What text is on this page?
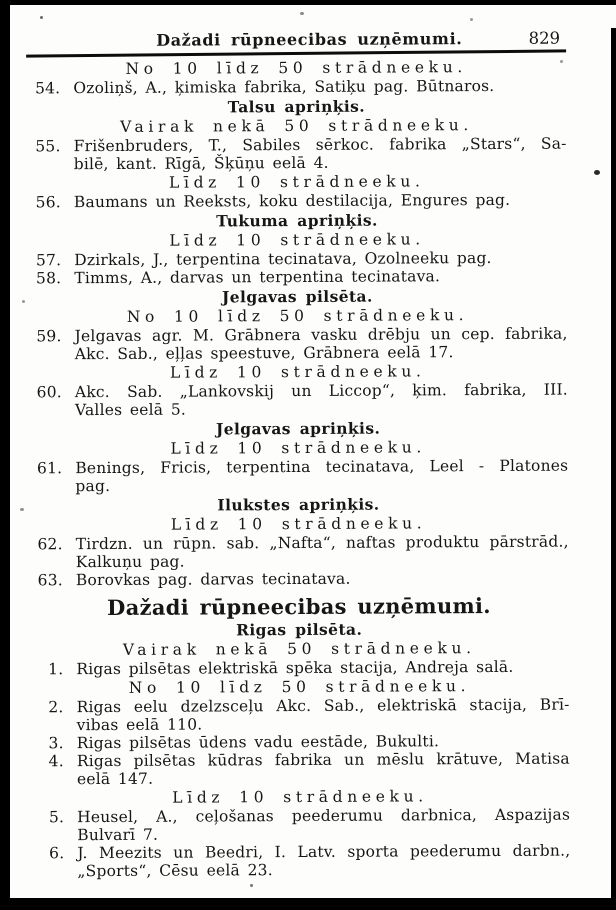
Dažadi rūpneecibas uzņēmumi.	829
No 10 līdz 50 strādneeku.
54. Ozoliņš, A., ķimiska fabrika, Satiķu pag. Būtnaros.
Talsu apriņķis.
Vairak nekā 50 strādneeku.
55. Frišenbruders, T., Sabiles sērkoc. fabrika „Stars“, Sa-
bilē, kant. Rīgā, Šķūņu eelā 4.
Līdz 10 strādneeku.
56. Baumans un Reeksts, koku destilacija, Engures pag.
Tukuma apriņķis.
Līdz 10 strādneeku.
57. Dzirkals, J., terpentina tecinatava, Ozolneeku pag.
58. Timms, A., darvas un terpentina tecinatava.
Jelgavas pilsēta.
No 10 līdz 50 strādneeku.
59. Jelgavas agr. M. Grābnera vasku drēbju un cep. fabrika,
Akc. Sab., eļļas speestuve, Grābnera eelā 17.
Līdz 10 strādneeku.
60. Akc. Sab. „Lankovskij un Liccop“, ķim. fabrika, III.
Valles eelā 5.
Jelgavas apriņķis.
Līdz 10 strādneeku.
61. Benings, Fricis, terpentina tecinatava, Leel - Platones
pag.
Ilukstes apriņķis.
Līdz 10 strādneeku.
62. Tirdzn. un rūpn. sab. „Nafta“, naftas produktu pārstrād.,
Kalkuņu pag.
63. Borovkas pag. darvas tecinatava.
Dažadi rūpneecibas uzņēmumi.
Rigas pilsēta.
Vairak nekā 50 strādneeku.
1. Rigas pilsētas elektriskā spēka stacija, Andreja salā.
No 10 līdz 50 strādneeku.
2. Rigas eelu dzelzsceļu Akc. Sab., elektriskā stacija, Brī-
vibas eelā 110.
3. Rigas pilsētas ūdens vadu eestāde, Bukulti.
4. Rigas pilsētas kūdras fabrika un mēslu krātuve, Matisa
eelā 147.
Līdz 10 strādneeku.
5. Heusel, A., ceļošanas peederumu darbnica, Aspazijas
Bulvarī 7.
6. J. Meezits un Beedri, I. Latv. sporta peederumu darbn.,
„Sports“, Cēsu eelā 23.
